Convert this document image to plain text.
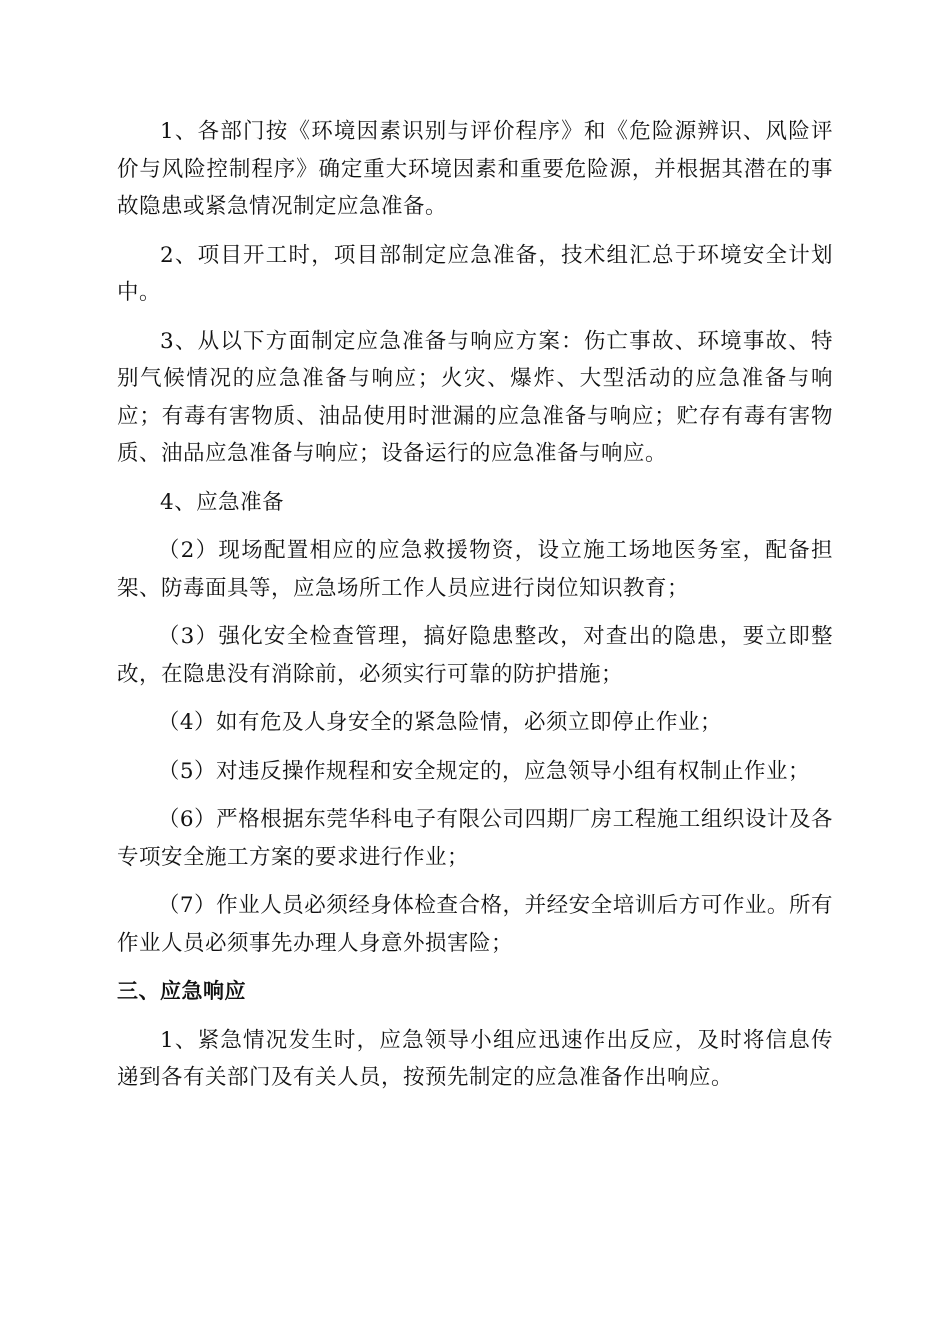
1、各部门按《环境因素识别与评价程序》和《危险源辨识、风险评价与风险控制程序》确定重大环境因素和重要危险源，并根据其潜在的事故隐患或紧急情况制定应急准备。

2、项目开工时，项目部制定应急准备，技术组汇总于环境安全计划中。

3、从以下方面制定应急准备与响应方案：伤亡事故、环境事故、特别气候情况的应急准备与响应；火灾、爆炸、大型活动的应急准备与响应；有毒有害物质、油品使用时泄漏的应急准备与响应；贮存有毒有害物质、油品应急准备与响应；设备运行的应急准备与响应。

4、应急准备

（2）现场配置相应的应急救援物资，设立施工场地医务室，配备担架、防毒面具等，应急场所工作人员应进行岗位知识教育；

（3）强化安全检查管理，搞好隐患整改，对查出的隐患，要立即整改，在隐患没有消除前，必须实行可靠的防护措施；

（4）如有危及人身安全的紧急险情，必须立即停止作业；

（5）对违反操作规程和安全规定的，应急领导小组有权制止作业；

（6）严格根据东莞华科电子有限公司四期厂房工程施工组织设计及各专项安全施工方案的要求进行作业；

（7）作业人员必须经身体检查合格，并经安全培训后方可作业。所有作业人员必须事先办理人身意外损害险；

三、应急响应

1、紧急情况发生时，应急领导小组应迅速作出反应，及时将信息传递到各有关部门及有关人员，按预先制定的应急准备作出响应。
